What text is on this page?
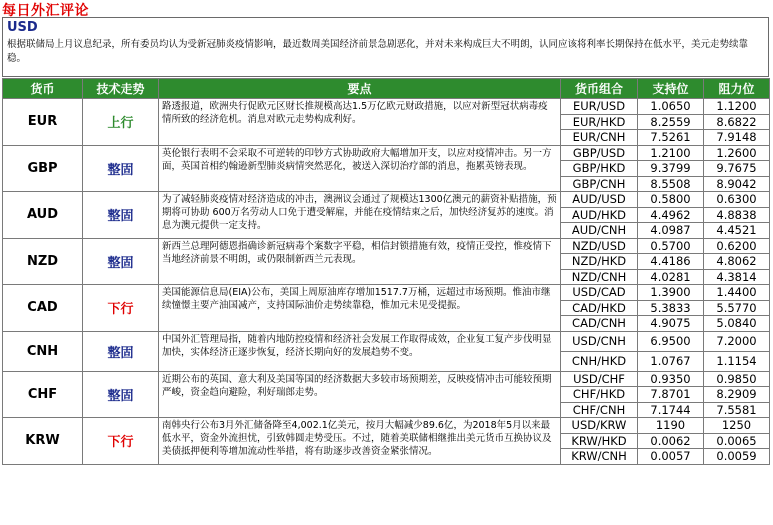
每日外汇评论
USD
根据联储局上月议息纪录，所有委员均认为受新冠肺炎疫情影响，最近数周美国经济前景急剧恶化，并对未来构成巨大不明朗，认同应该将利率长期保持在低水平，美元走势续靠稳。
货币	技术走势	要点	货币组合	支持位	阻力位
EUR	上行	路透报道，欧洲央行促欧元区财长推规模高达1.5万亿欧元财政措施，以应对新型冠状病毒疫情所致的经济危机。消息对欧元走势构成利好。	EUR/USD	1.0650	1.1200
			EUR/HKD	8.2559	8.6822
			EUR/CNH	7.5261	7.9148
GBP	整固	英伦银行表明不会采取不可逆转的印钞方式协助政府大幅增加开支，以应对疫情冲击。另一方面，英国首相约翰逊新型肺炎病情突然恶化，被送入深切治疗部的消息，拖累英镑表现。	GBP/USD	1.2100	1.2600
			GBP/HKD	9.3799	9.7675
			GBP/CNH	8.5508	8.9042
AUD	整固	为了减轻肺炎疫情对经济造成的冲击，澳洲议会通过了规模达1300亿澳元的薪资补贴措施，预期将可协助 600万名劳动人口免于遭受解雇，并能在疫情结束之后，加快经济复苏的速度。消息为澳元提供一定支持。	AUD/USD	0.5800	0.6300
			AUD/HKD	4.4962	4.8838
			AUD/CNH	4.0987	4.4521
NZD	整固	新西兰总理阿德恩指确诊新冠病毒个案数字平稳，相信封锁措施有效，疫情正受控，惟疫情下当地经济前景不明朗，或仍限制新西兰元表现。	NZD/USD	0.5700	0.6200
			NZD/HKD	4.4186	4.8062
			NZD/CNH	4.0281	4.3814
CAD	下行	美国能源信息局(EIA)公布，美国上周原油库存增加1517.7万桶，远超过市场预期。惟油市继续憧憬主要产油国减产，支持国际油价走势续靠稳，惟加元未见受提振。	USD/CAD	1.3900	1.4400
			CAD/HKD	5.3833	5.5770
			CAD/CNH	4.9075	5.0840
CNH	整固	中国外汇管理局指，随着内地防控疫情和经济社会发展工作取得成效，企业复工复产步伐明显加快，实体经济正逐步恢复，经济长期向好的发展趋势不变。	USD/CNH	6.9500	7.2000
			CNH/HKD	1.0767	1.1154
CHF	整固	近期公布的英国、意大利及美国等国的经济数据大多较市场预期差，反映疫情冲击可能较预期严峻，资金趋向避险，利好瑞郎走势。	USD/CHF	0.9350	0.9850
			CHF/HKD	7.8701	8.2909
			CHF/CNH	7.1744	7.5581
KRW	下行	南韩央行公布3月外汇储备降至4,002.1亿美元，按月大幅减少89.6亿，为2018年5月以来最低水平，资金外流担忧，引致韩圆走势受压。不过，随着美联储相继推出美元货币互换协议及美债抵押便利等增加流动性举措，将有助逐步改善资金紧张情况。	USD/KRW	1190	1250
			KRW/HKD	0.0062	0.0065
			KRW/CNH	0.0057	0.0059
